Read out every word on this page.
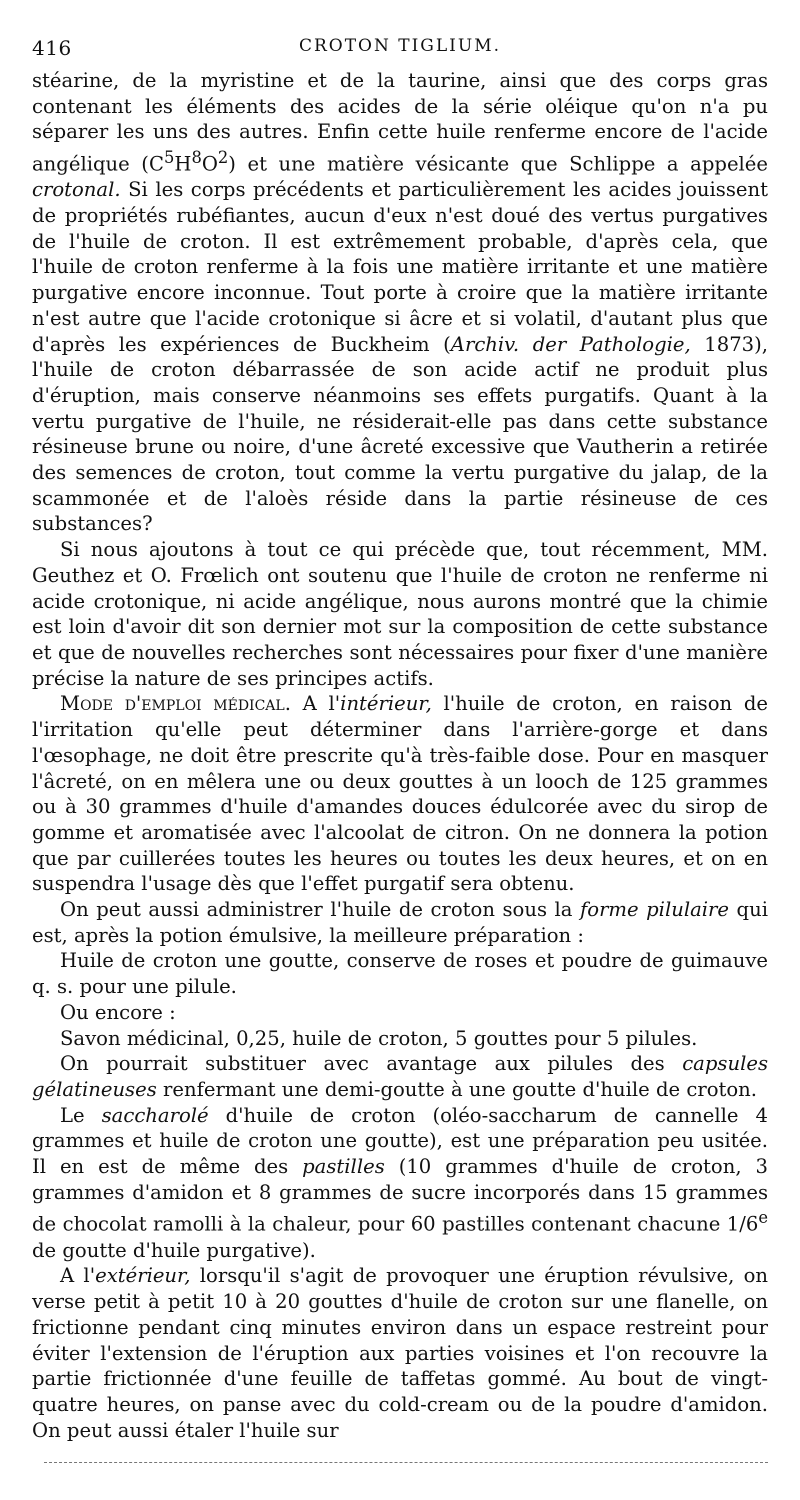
416	CROTON TIGLIUM.

stéarine, de la myristine et de la taurine, ainsi que des corps gras contenant les éléments des acides de la série oléique qu'on n'a pu séparer les uns des autres. Enfin cette huile renferme encore de l'acide angélique $(C^5H^8O^2)$ et une matière vésicante que Schlippe a appelée crotonal. Si les corps précédents et particulièrement les acides jouissent de propriétés rubéfiantes, aucun d'eux n'est doué des vertus purgatives de l'huile de croton. Il est extrêmement probable, d'après cela, que l'huile de croton renferme à la fois une matière irritante et une matière purgative encore inconnue. Tout porte à croire que la matière irritante n'est autre que l'acide crotonique si âcre et si volatil, d'autant plus que d'après les expériences de Buckheim (Archiv. der Pathologie, 1873), l'huile de croton débarrassée de son acide actif ne produit plus d'éruption, mais conserve néanmoins ses effets purgatifs. Quant à la vertu purgative de l'huile, ne résiderait-elle pas dans cette substance résineuse brune ou noire, d'une âcreté excessive que Vautherin a retirée des semences de croton, tout comme la vertu purgative du jalap, de la scammonée et de l'aloès réside dans la partie résineuse de ces substances?

Si nous ajoutons à tout ce qui précède que, tout récemment, MM. Geuthez et O. Frœlich ont soutenu que l'huile de croton ne renferme ni acide crotonique, ni acide angélique, nous aurons montré que la chimie est loin d'avoir dit son dernier mot sur la composition de cette substance et que de nouvelles recherches sont nécessaires pour fixer d'une manière précise la nature de ses principes actifs.

Mode d'emploi médical. A l'intérieur, l'huile de croton, en raison de l'irritation qu'elle peut déterminer dans l'arrière-gorge et dans l'œsophage, ne doit être prescrite qu'à très-faible dose. Pour en masquer l'âcreté, on en mêlera une ou deux gouttes à un looch de 125 grammes ou à 30 grammes d'huile d'amandes douces édulcorée avec du sirop de gomme et aromatisée avec l'alcoolat de citron. On ne donnera la potion que par cuillerées toutes les heures ou toutes les deux heures, et on en suspendra l'usage dès que l'effet purgatif sera obtenu.

On peut aussi administrer l'huile de croton sous la forme pilulaire qui est, après la potion émulsive, la meilleure préparation :

Huile de croton une goutte, conserve de roses et poudre de guimauve q. s. pour une pilule.

Ou encore :

Savon médicinal, 0,25, huile de croton, 5 gouttes pour 5 pilules.

On pourrait substituer avec avantage aux pilules des capsules gélatineuses renfermant une demi-goutte à une goutte d'huile de croton.

Le saccharolé d'huile de croton (oléo-saccharum de cannelle 4 grammes et huile de croton une goutte), est une préparation peu usitée. Il en est de même des pastilles (10 grammes d'huile de croton, 3 grammes d'amidon et 8 grammes de sucre incorporés dans 15 grammes de chocolat ramolli à la chaleur, pour 60 pastilles contenant chacune 1/6e de goutte d'huile purgative).

A l'extérieur, lorsqu'il s'agit de provoquer une éruption révulsive, on verse petit à petit 10 à 20 gouttes d'huile de croton sur une flanelle, on frictionne pendant cinq minutes environ dans un espace restreint pour éviter l'extension de l'éruption aux parties voisines et l'on recouvre la partie frictionnée d'une feuille de taffetas gommé. Au bout de vingt-quatre heures, on panse avec du cold-cream ou de la poudre d'amidon. On peut aussi étaler l'huile sur
